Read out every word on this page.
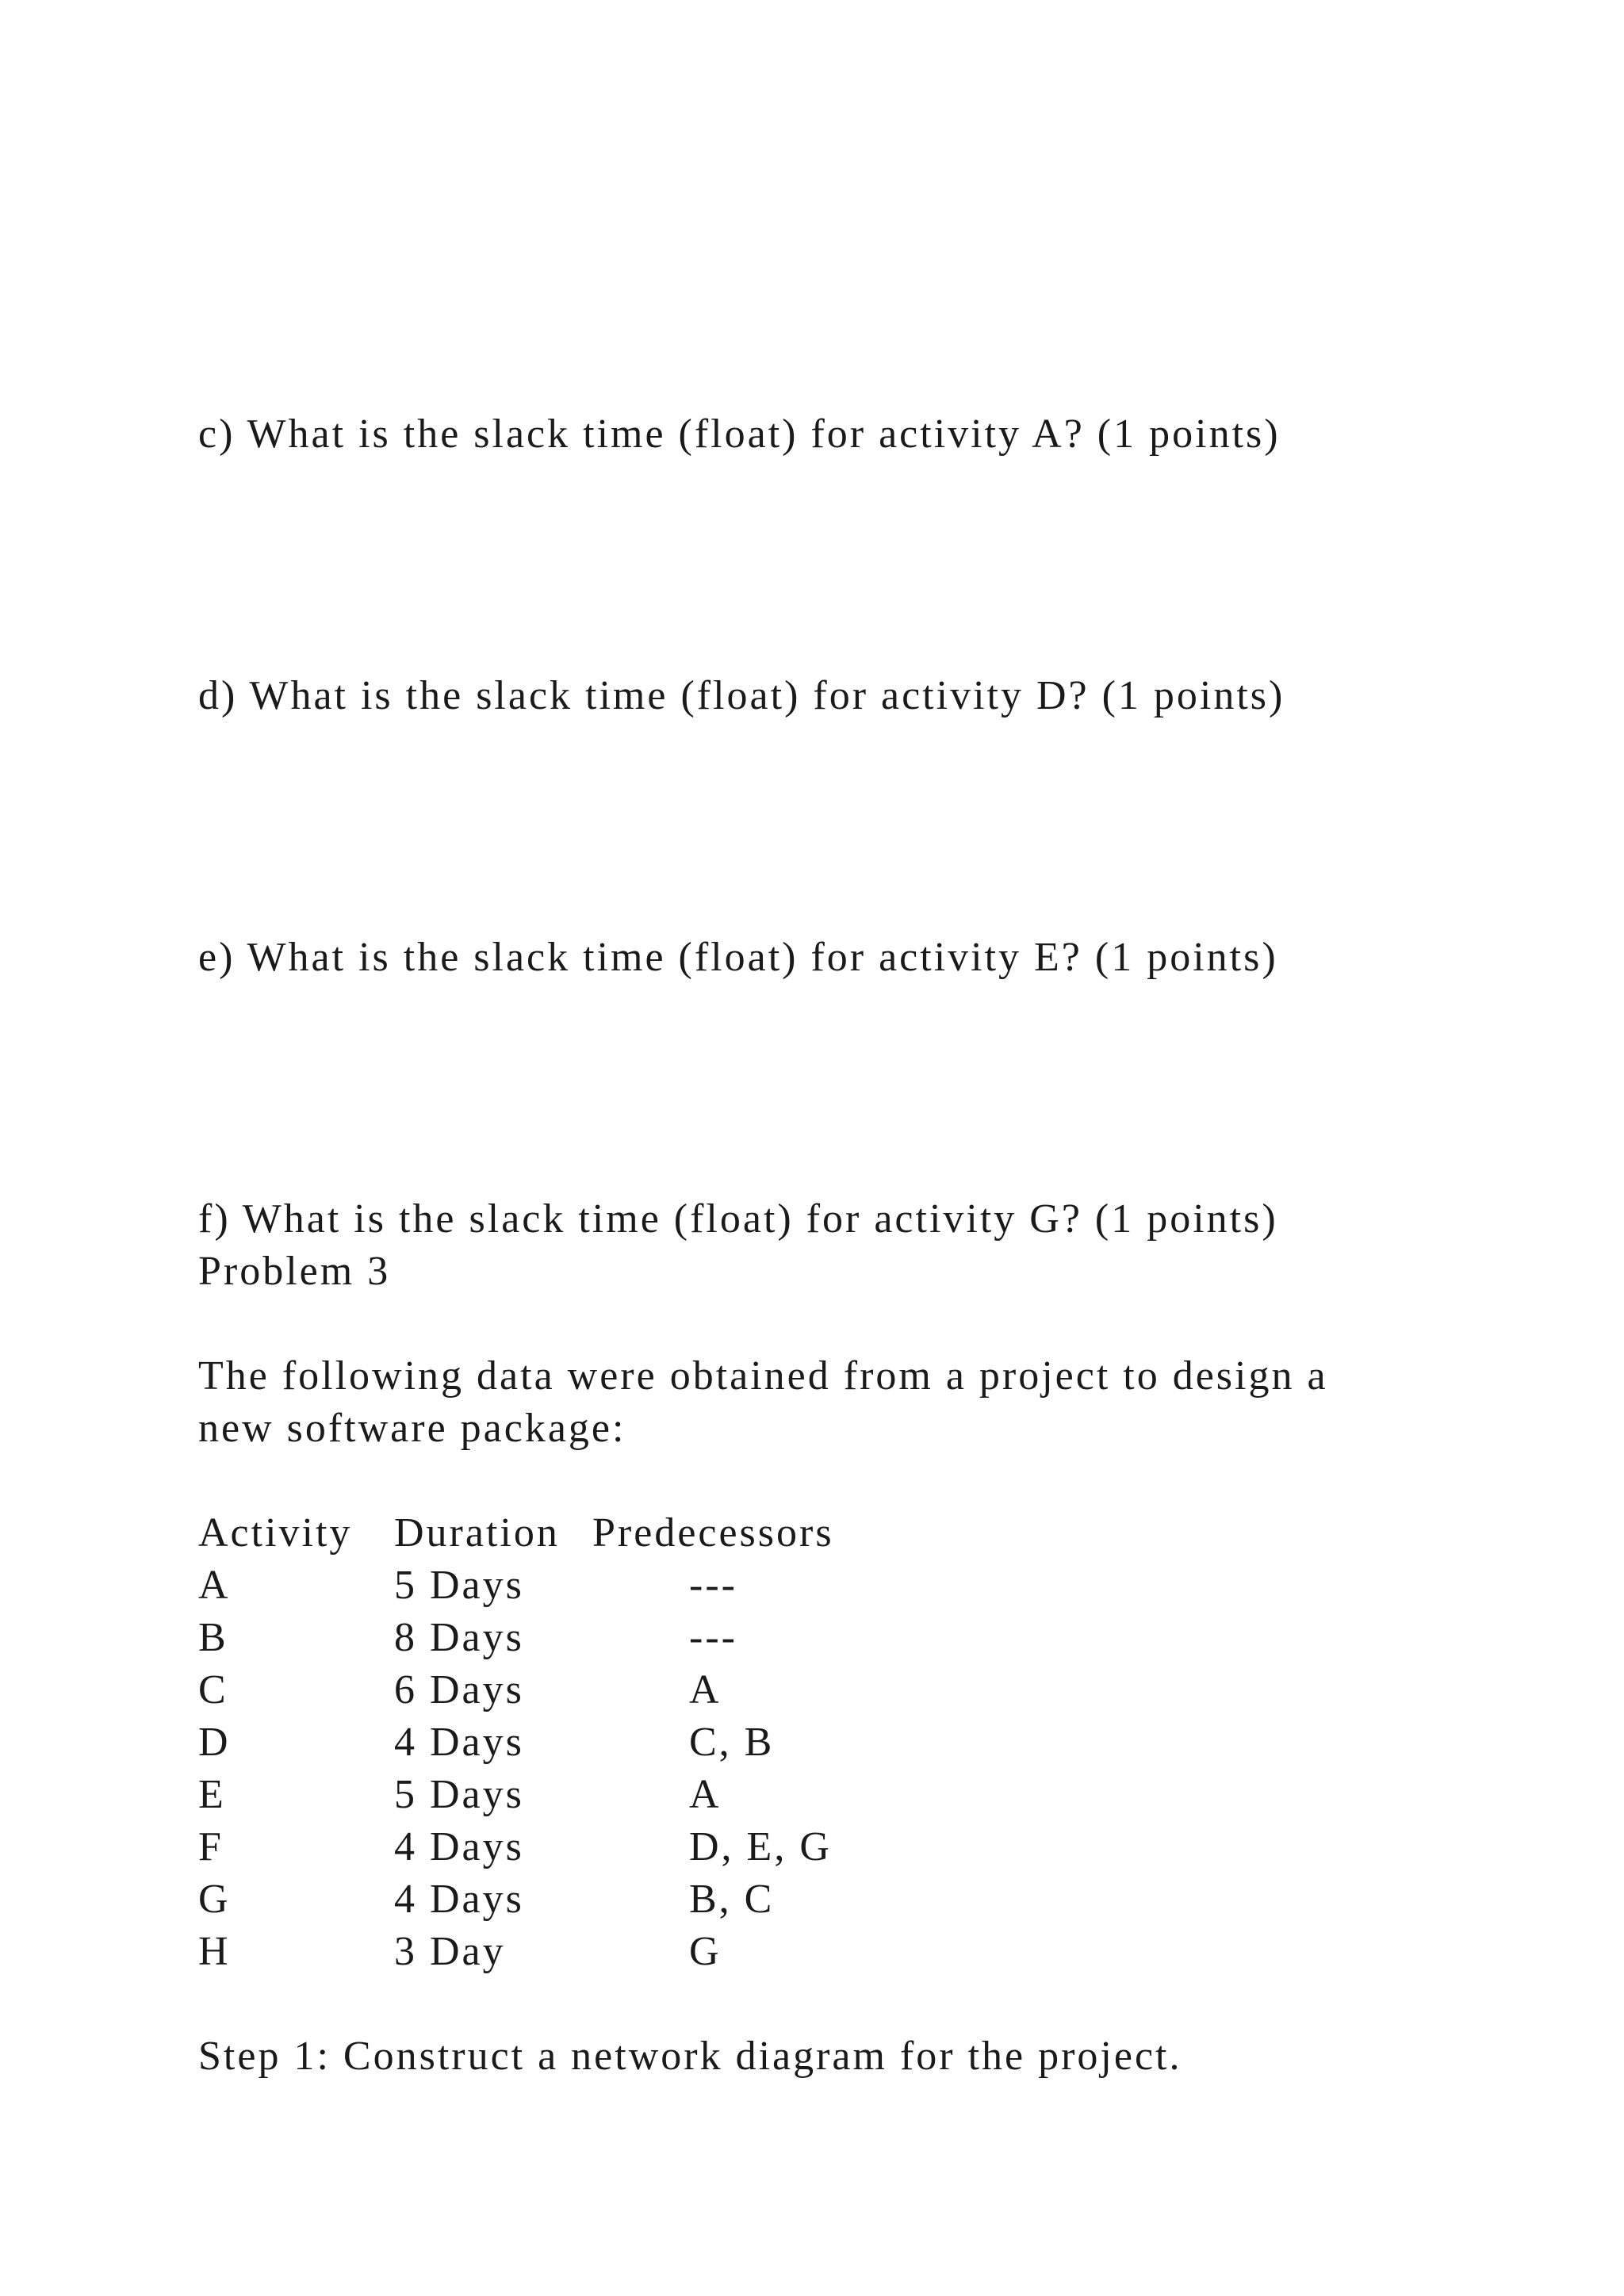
c) What is the slack time (float) for activity A? (1 points)
d) What is the slack time (float) for activity D? (1 points)
e) What is the slack time (float) for activity E? (1 points)
f) What is the slack time (float) for activity G? (1 points)
Problem 3
The following data were obtained from a project to design a
new software package:
Activity Duration Predecessors
A	5 Days	---
B	8 Days	---
C	6 Days	A
D	4 Days	C, B
E	5 Days	A
F	4 Days	D, E, G
G	4 Days	B, C
H	3 Day	G
Step 1: Construct a network diagram for the project.
